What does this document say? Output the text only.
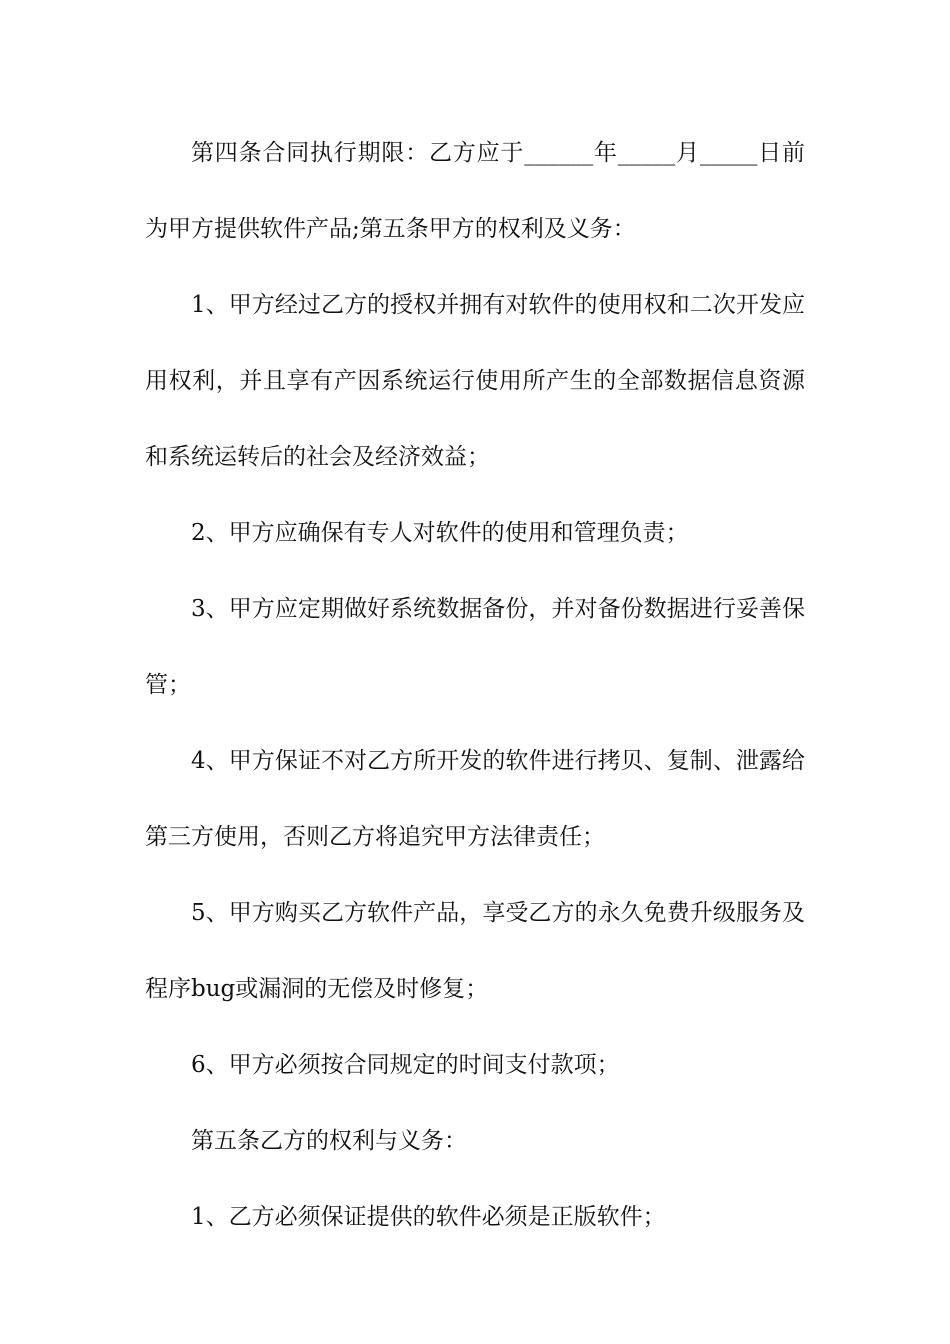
第四条合同执行期限：乙方应于______年_____月_____日前为甲方提供软件产品;第五条甲方的权利及义务：

1、甲方经过乙方的授权并拥有对软件的使用权和二次开发应用权利，并且享有产因系统运行使用所产生的全部数据信息资源和系统运转后的社会及经济效益；

2、甲方应确保有专人对软件的使用和管理负责；

3、甲方应定期做好系统数据备份，并对备份数据进行妥善保管；

4、甲方保证不对乙方所开发的软件进行拷贝、复制、泄露给第三方使用，否则乙方将追究甲方法律责任；

5、甲方购买乙方软件产品，享受乙方的永久免费升级服务及程序bug或漏洞的无偿及时修复；

6、甲方必须按合同规定的时间支付款项；

第五条乙方的权利与义务：

1、乙方必须保证提供的软件必须是正版软件；
